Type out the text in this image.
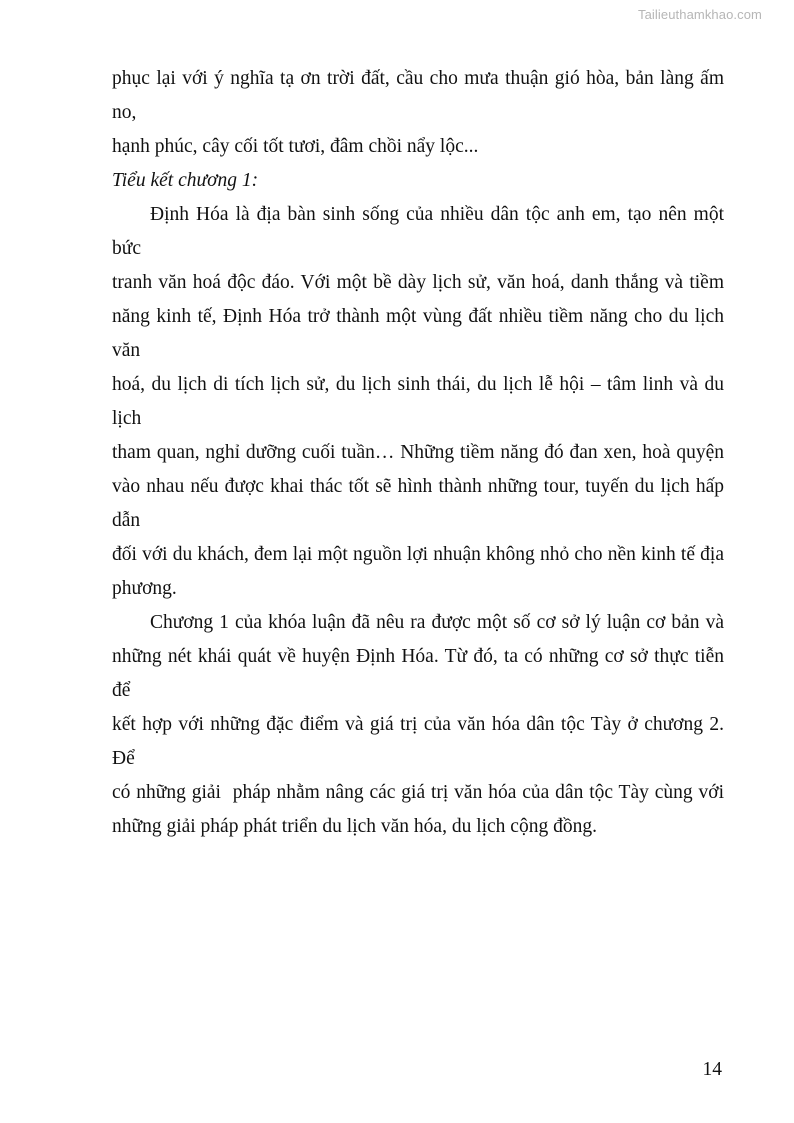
Tailieuthamkhao.com
phục lại với ý nghĩa tạ ơn trời đất, cầu cho mưa thuận gió hòa, bản làng ấm no,
hạnh phúc, cây cối tốt tươi, đâm chồi nẩy lộc...
Tiểu kết chương 1:
Định Hóa là địa bàn sinh sống của nhiều dân tộc anh em, tạo nên một bức
tranh văn hoá độc đáo. Với một bề dày lịch sử, văn hoá, danh thắng và tiềm
năng kinh tế, Định Hóa trở thành một vùng đất nhiều tiềm năng cho du lịch văn
hoá, du lịch di tích lịch sử, du lịch sinh thái, du lịch lễ hội – tâm linh và du lịch
tham quan, nghỉ dưỡng cuối tuần… Những tiềm năng đó đan xen, hoà quyện
vào nhau nếu được khai thác tốt sẽ hình thành những tour, tuyến du lịch hấp dẫn
đối với du khách, đem lại một nguồn lợi nhuận không nhỏ cho nền kinh tế địa
phương.
Chương 1 của khóa luận đã nêu ra được một số cơ sở lý luận cơ bản và
những nét khái quát về huyện Định Hóa. Từ đó, ta có những cơ sở thực tiễn để
kết hợp với những đặc điểm và giá trị của văn hóa dân tộc Tày ở chương 2. Để
có những giải  pháp nhằm nâng các giá trị văn hóa của dân tộc Tày cùng với
những giải pháp phát triển du lịch văn hóa, du lịch cộng đồng.
14
